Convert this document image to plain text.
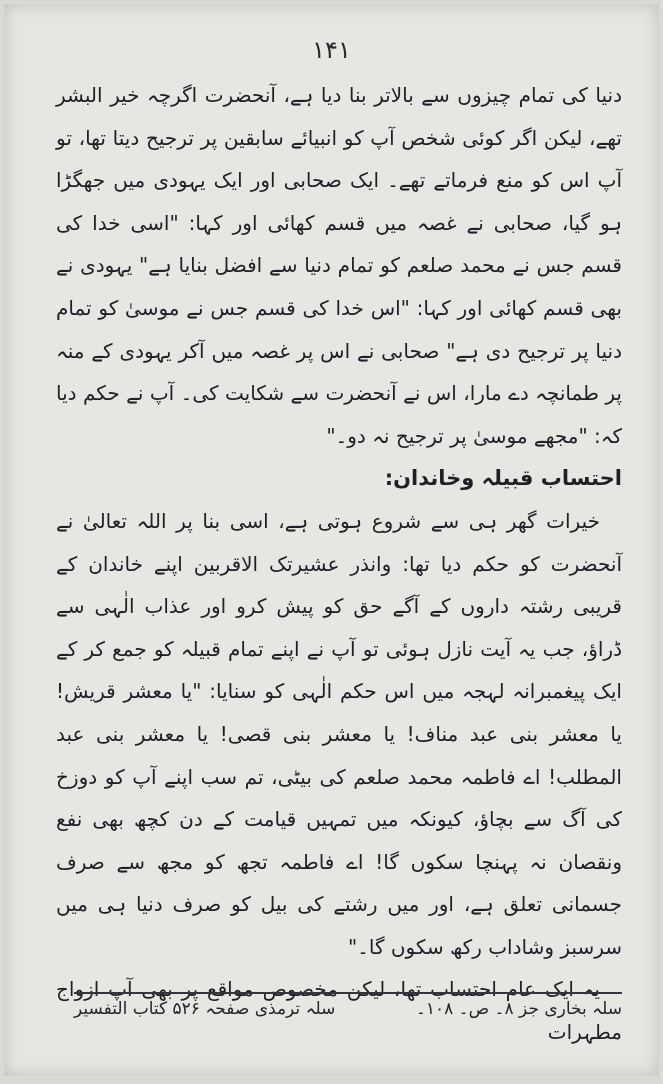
۱۴۱

دنیا کی تمام چیزوں سے بالاتر بنا دیا ہے، آنحضرت اگرچہ خیر البشر تھے، لیکن اگر کوئی شخص آپ کو انبیائے سابقین پر ترجیح دیتا تھا، تو آپ اس کو منع فرماتے تھے۔ ایک صحابی اور ایک یہودی میں جھگڑا ہو گیا، صحابی نے غصہ میں قسم کھائی اور کہا: "اسی خدا کی قسم جس نے محمد صلعم کو تمام دنیا سے افضل بنایا ہے" یہودی نے بھی قسم کھائی اور کہا: "اس خدا کی قسم جس نے موسیٰ کو تمام دنیا پر ترجیح دی ہے" صحابی نے اس پر غصہ میں آکر یہودی کے منہ پر طمانچہ دے مارا، اس نے آنحضرت سے شکایت کی۔ آپ نے حکم دیا کہ: "مجھے موسیٰ پر ترجیح نہ دو۔"

احتساب قبیلہ وخاندان:

خیرات گھر ہی سے شروع ہوتی ہے، اسی بنا پر اللہ تعالیٰ نے آنحضرت کو حکم دیا تھا: وانذر عشیرتک الاقربین اپنے خاندان کے قریبی رشتہ داروں کے آگے حق کو پیش کرو اور عذاب الٰہی سے ڈراؤ، جب یہ آیت نازل ہوئی تو آپ نے اپنے تمام قبیلہ کو جمع کر کے ایک پیغمبرانہ لہجہ میں اس حکم الٰہی کو سنایا: "یا معشر قریش! یا معشر بنی عبد مناف! یا معشر بنی قصی! یا معشر بنی عبد المطلب! اے فاطمہ محمد صلعم کی بیٹی، تم سب اپنے آپ کو دوزخ کی آگ سے بچاؤ، کیونکہ میں تمہیں قیامت کے دن کچھ بھی نفع ونقصان نہ پہنچا سکوں گا! اے فاطمہ تجھ کو مجھ سے صرف جسمانی تعلق ہے، اور میں رشتے کی بیل کو صرف دنیا ہی میں سرسبز وشاداب رکھ سکوں گا۔"

یہ ایک عام احتساب تھا، لیکن مخصوص مواقع پر بھی آپ ازواج مطہرات

سلہ بخاری جز ۸۔ ص۔ ۱۰۸۔
سلہ ترمذی صفحہ ۵۲۶ کتاب التفسیر
